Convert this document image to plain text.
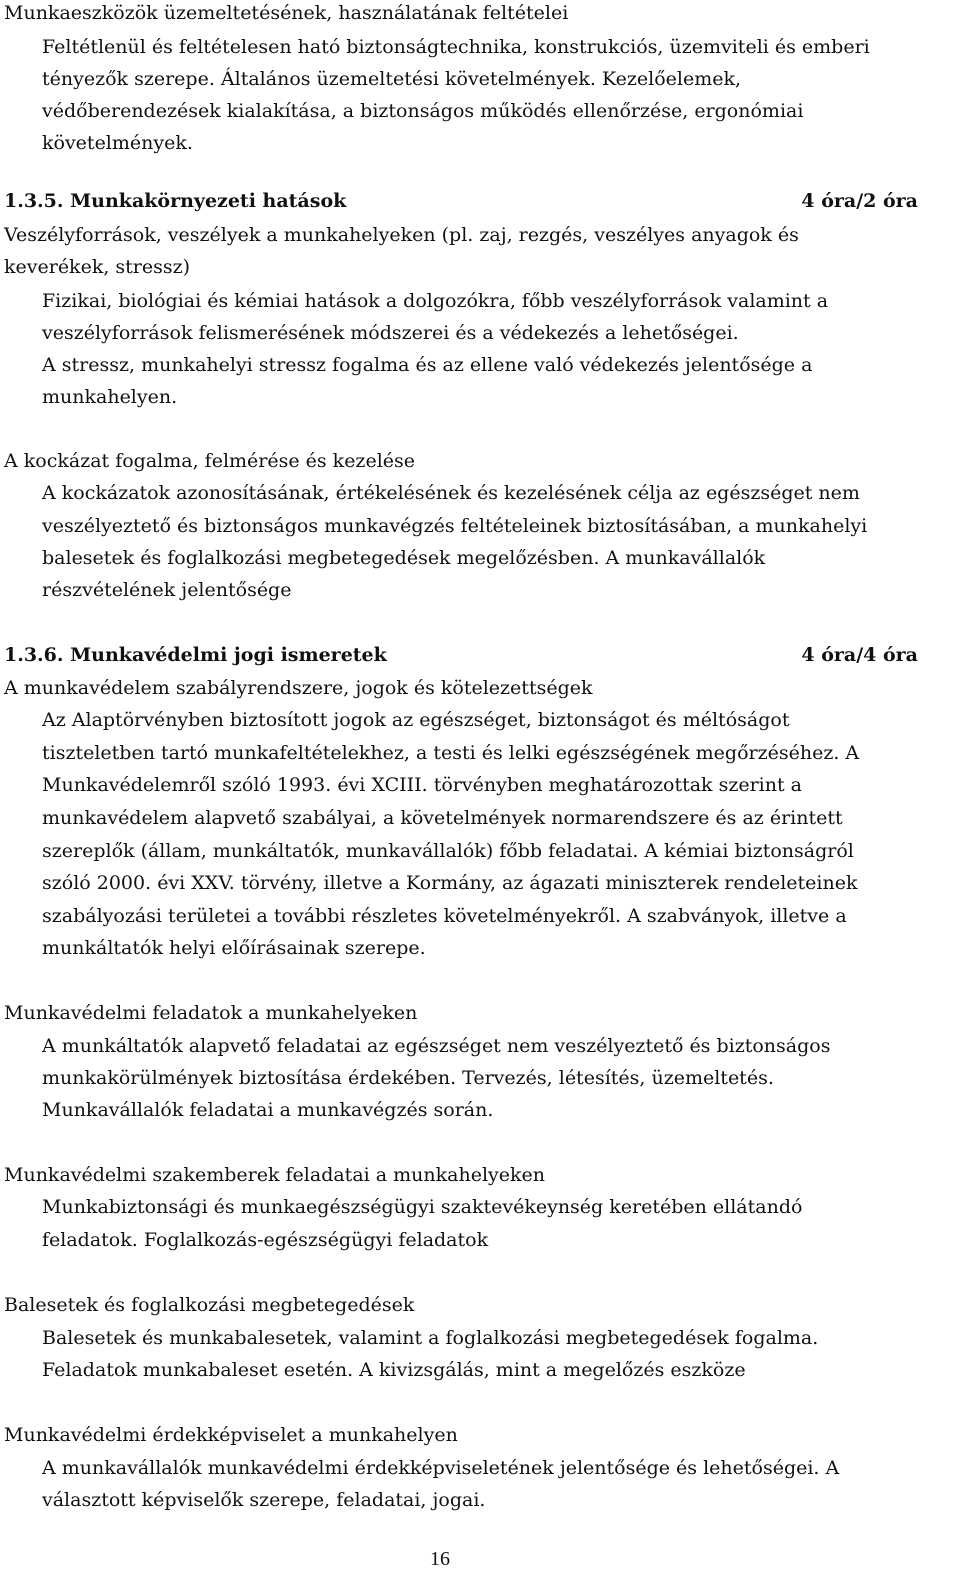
Munkaeszközök üzemeltetésének, használatának feltételei
Feltétlenül és feltételesen ható biztonságtechnika, konstrukciós, üzemviteli és emberi
tényezők szerepe. Általános üzemeltetési követelmények. Kezelőelemek,
védőberendezések kialakítása, a biztonságos működés ellenőrzése, ergonómiai
követelmények.
1.3.5. Munkakörnyezeti hatások	4 óra/2 óra
Veszélyforrások, veszélyek a munkahelyeken (pl. zaj, rezgés, veszélyes anyagok és
keverékek, stressz)
Fizikai, biológiai és kémiai hatások a dolgozókra, főbb veszélyforrások valamint a
veszélyforrások felismerésének módszerei és a védekezés a lehetőségei.
A stressz, munkahelyi stressz fogalma és az ellene való védekezés jelentősége a
munkahelyen.
A kockázat fogalma, felmérése és kezelése
A kockázatok azonosításának, értékelésének és kezelésének célja az egészséget nem
veszélyeztető és biztonságos munkavégzés feltételeinek biztosításában, a munkahelyi
balesetek és foglalkozási megbetegedések megelőzésben. A munkavállalók
részvételének jelentősége
1.3.6. Munkavédelmi jogi ismeretek	4 óra/4 óra
A munkavédelem szabályrendszere, jogok és kötelezettségek
Az Alaptörvényben biztosított jogok az egészséget, biztonságot és méltóságot
tiszteletben tartó munkafeltételekhez, a testi és lelki egészségének megőrzéséhez. A
Munkavédelemről szóló 1993. évi XCIII. törvényben meghatározottak szerint a
munkavédelem alapvető szabályai, a követelmények normarendszere és az érintett
szereplők (állam, munkáltatók, munkavállalók) főbb feladatai. A kémiai biztonságról
szóló 2000. évi XXV. törvény, illetve a Kormány, az ágazati miniszterek rendeleteinek
szabályozási területei a további részletes követelményekről. A szabványok, illetve a
munkáltatók helyi előírásainak szerepe.
Munkavédelmi feladatok a munkahelyeken
A munkáltatók alapvető feladatai az egészséget nem veszélyeztető és biztonságos
munkakörülmények biztosítása érdekében. Tervezés, létesítés, üzemeltetés.
Munkavállalók feladatai a munkavégzés során.
Munkavédelmi szakemberek feladatai a munkahelyeken
Munkabiztonsági és munkaegészségügyi szaktevékeynség keretében ellátandó
feladatok. Foglalkozás-egészségügyi feladatok
Balesetek és foglalkozási megbetegedések
Balesetek és munkabalesetek, valamint a foglalkozási megbetegedések fogalma.
Feladatok munkabaleset esetén. A kivizsgálás, mint a megelőzés eszköze
Munkavédelmi érdekképviselet a munkahelyen
A munkavállalók munkavédelmi érdekképviseletének jelentősége és lehetőségei. A
választott képviselők szerepe, feladatai, jogai.
16
